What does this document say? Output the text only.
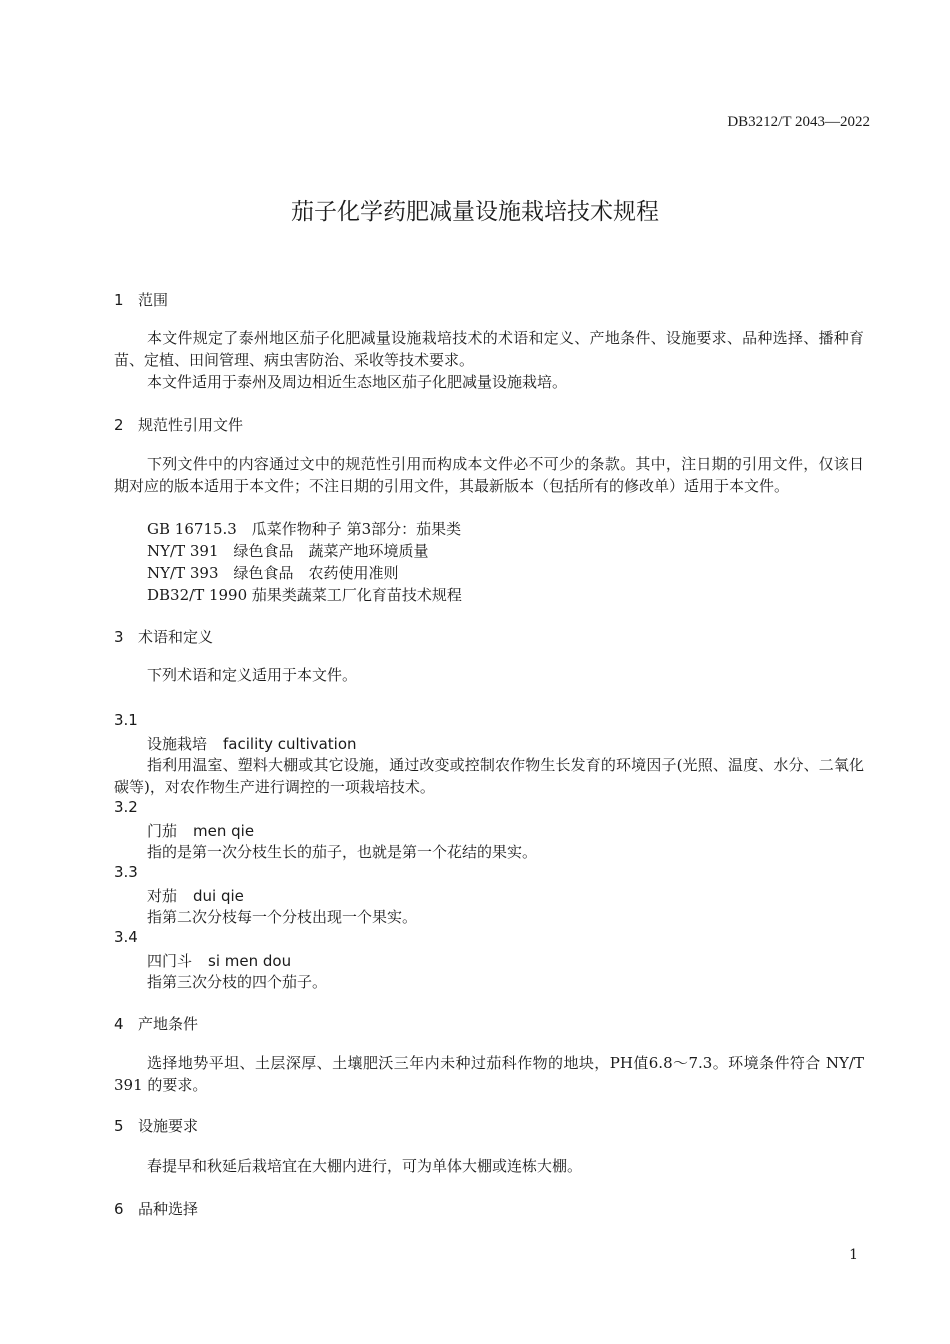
DB3212/T 2043—2022
茄子化学药肥减量设施栽培技术规程
1 范围

本文件规定了泰州地区茄子化肥减量设施栽培技术的术语和定义、产地条件、设施要求、品种选择、播种育苗、定植、田间管理、病虫害防治、采收等技术要求。

本文件适用于泰州及周边相近生态地区茄子化肥减量设施栽培。

2 规范性引用文件

下列文件中的内容通过文中的规范性引用而构成本文件必不可少的条款。其中，注日期的引用文件，仅该日期对应的版本适用于本文件；不注日期的引用文件，其最新版本（包括所有的修改单）适用于本文件。

GB 16715.3　瓜菜作物种子 第3部分：茄果类
NY/T 391　绿色食品　蔬菜产地环境质量
NY/T 393　绿色食品　农药使用准则
DB32/T 1990 茄果类蔬菜工厂化育苗技术规程
3 术语和定义

下列术语和定义适用于本文件。

3.1
设施栽培 facility cultivation

指利用温室、塑料大棚或其它设施，通过改变或控制农作物生长发育的环境因子(光照、温度、水分、二氧化碳等)，对农作物生产进行调控的一项栽培技术。

3.2
门茄 men qie

指的是第一次分枝生长的茄子，也就是第一个花结的果实。

3.3
对茄 dui qie

指第二次分枝每一个分枝出现一个果实。

3.4
四门斗 si men dou

指第三次分枝的四个茄子。

4 产地条件

选择地势平坦、土层深厚、土壤肥沃三年内未种过茄科作物的地块，PH值6.8～7.3。环境条件符合 NY/T 391 的要求。

5 设施要求

春提早和秋延后栽培宜在大棚内进行，可为单体大棚或连栋大棚。

6 品种选择
1
